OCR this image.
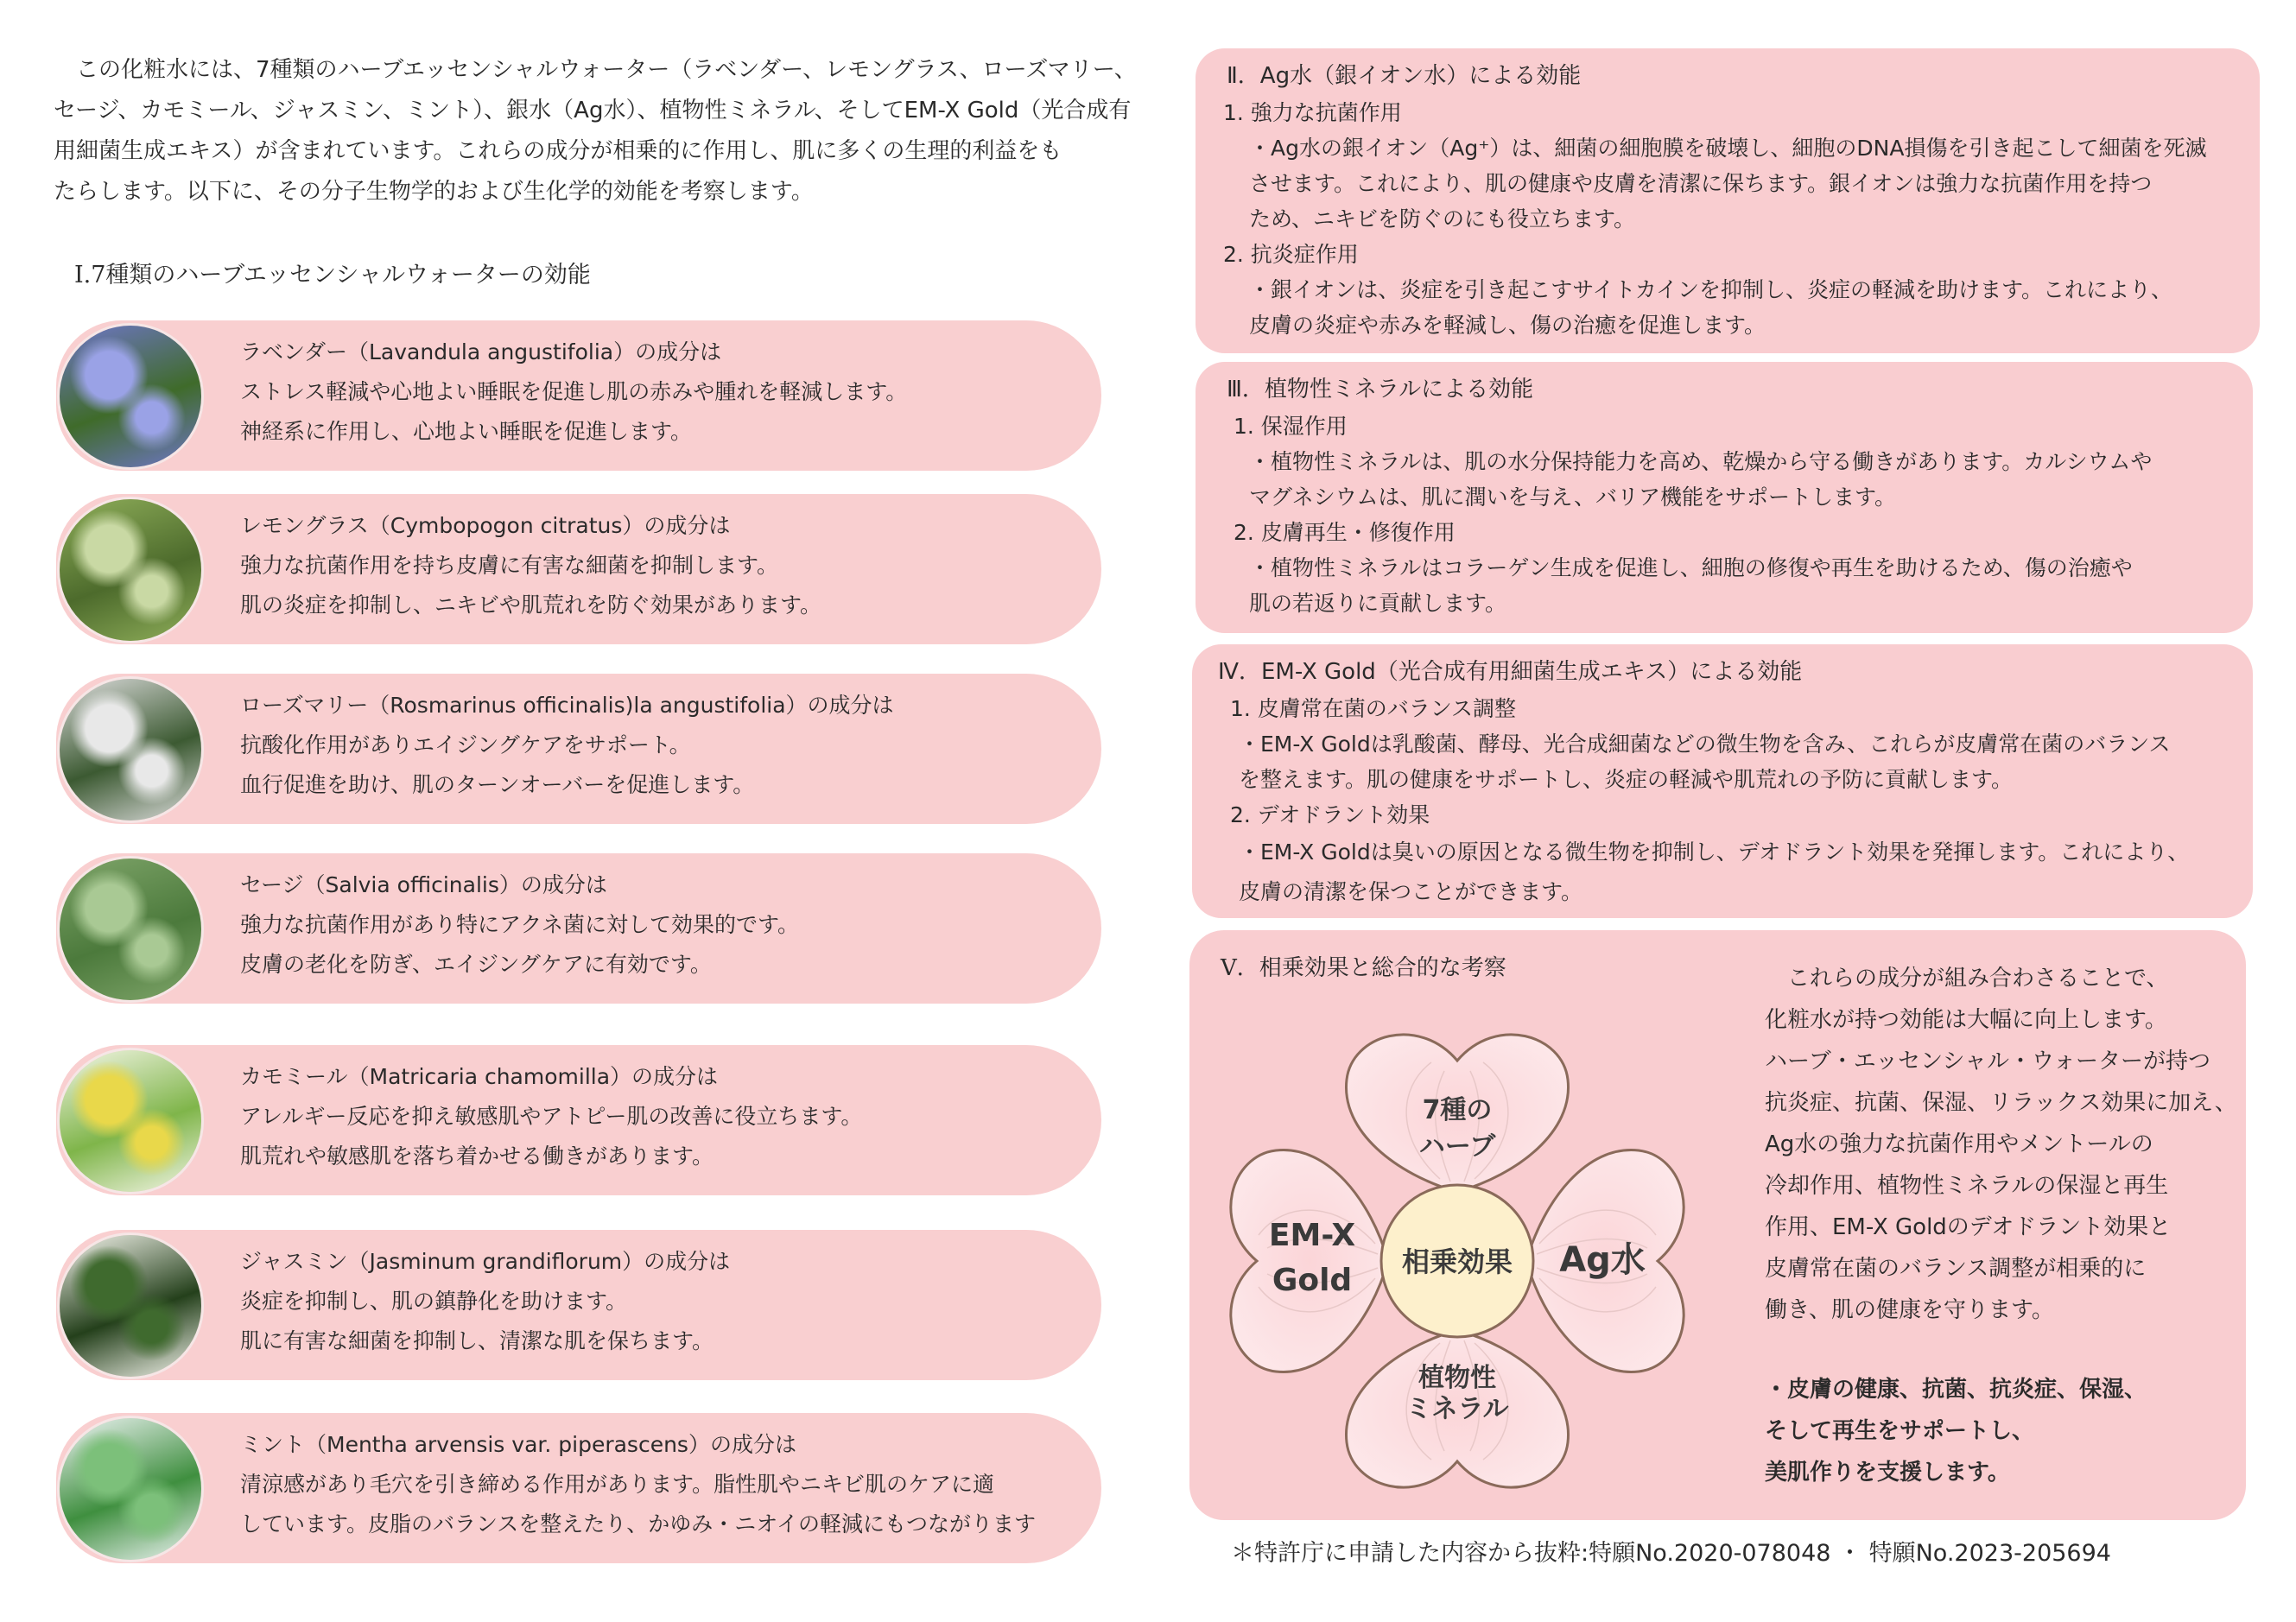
　この化粧水には、7種類のハーブエッセンシャルウォーター（ラベンダー、レモングラス、ローズマリー、

セージ、カモミール、ジャスミン、ミント）、銀水（Ag水）、植物性ミネラル、そしてEM-X Gold（光合成有

用細菌生成エキス）が含まれています。これらの成分が相乗的に作用し、肌に多くの生理的利益をも

たらします。以下に、その分子生物学的および生化学的効能を考察します。

Ⅰ.7種類のハーブエッセンシャルウォーターの効能
ラベンダー（Lavandula angustifolia）の成分は
ストレス軽減や心地よい睡眠を促進し肌の赤みや腫れを軽減します。
神経系に作用し、心地よい睡眠を促進します。
レモングラス（Cymbopogon citratus）の成分は
強力な抗菌作用を持ち皮膚に有害な細菌を抑制します。
肌の炎症を抑制し、ニキビや肌荒れを防ぐ効果があります。
ローズマリー（Rosmarinus officinalis)la angustifolia）の成分は
抗酸化作用がありエイジングケアをサポート。
血行促進を助け、肌のターンオーバーを促進します。
セージ（Salvia officinalis）の成分は
強力な抗菌作用があり特にアクネ菌に対して効果的です。
皮膚の老化を防ぎ、エイジングケアに有効です。
カモミール（Matricaria chamomilla）の成分は
アレルギー反応を抑え敏感肌やアトピー肌の改善に役立ちます。
肌荒れや敏感肌を落ち着かせる働きがあります。
ジャスミン（Jasminum grandiflorum）の成分は
炎症を抑制し、肌の鎮静化を助けます。
肌に有害な細菌を抑制し、清潔な肌を保ちます。
ミント（Mentha arvensis var. piperascens）の成分は
清涼感があり毛穴を引き締める作用があります。脂性肌やニキビ肌のケアに適
しています。皮脂のバランスを整えたり、かゆみ・ニオイの軽減にもつながります
Ⅱ．Ag水（銀イオン水）による効能
1. 強力な抗菌作用
・Ag水の銀イオン（Ag⁺）は、細菌の細胞膜を破壊し、細胞のDNA損傷を引き起こして細菌を死滅
させます。これにより、肌の健康や皮膚を清潔に保ちます。銀イオンは強力な抗菌作用を持つ
ため、ニキビを防ぐのにも役立ちます。
2. 抗炎症作用
・銀イオンは、炎症を引き起こすサイトカインを抑制し、炎症の軽減を助けます。これにより、
皮膚の炎症や赤みを軽減し、傷の治癒を促進します。
Ⅲ．植物性ミネラルによる効能
1. 保湿作用
・植物性ミネラルは、肌の水分保持能力を高め、乾燥から守る働きがあります。カルシウムや
マグネシウムは、肌に潤いを与え、バリア機能をサポートします。
2. 皮膚再生・修復作用
・植物性ミネラルはコラーゲン生成を促進し、細胞の修復や再生を助けるため、傷の治癒や
肌の若返りに貢献します。
Ⅳ．EM-X Gold（光合成有用細菌生成エキス）による効能
1. 皮膚常在菌のバランス調整
・EM-X Goldは乳酸菌、酵母、光合成細菌などの微生物を含み、これらが皮膚常在菌のバランス
を整えます。肌の健康をサポートし、炎症の軽減や肌荒れの予防に貢献します。
2. デオドラント効果
・EM-X Goldは臭いの原因となる微生物を抑制し、デオドラント効果を発揮します。これにより、
皮膚の清潔を保つことができます。
Ⅴ．相乗効果と総合的な考察
相乗効果
7種の
ハーブ
Ag水
植物性
ミネラル
EM-X
Gold
　これらの成分が組み合わさることで、
化粧水が持つ効能は大幅に向上します。
ハーブ・エッセンシャル・ウォーターが持つ
抗炎症、抗菌、保湿、リラックス効果に加え、
Ag水の強力な抗菌作用やメントールの
冷却作用、植物性ミネラルの保湿と再生
作用、EM-X Goldのデオドラント効果と
皮膚常在菌のバランス調整が相乗的に
働き、肌の健康を守ります。
・皮膚の健康、抗菌、抗炎症、保湿、
そして再生をサポートし、
美肌作りを支援します。
＊特許庁に申請した内容から抜粋:特願No.2020-078048 ・ 特願No.2023-205694
